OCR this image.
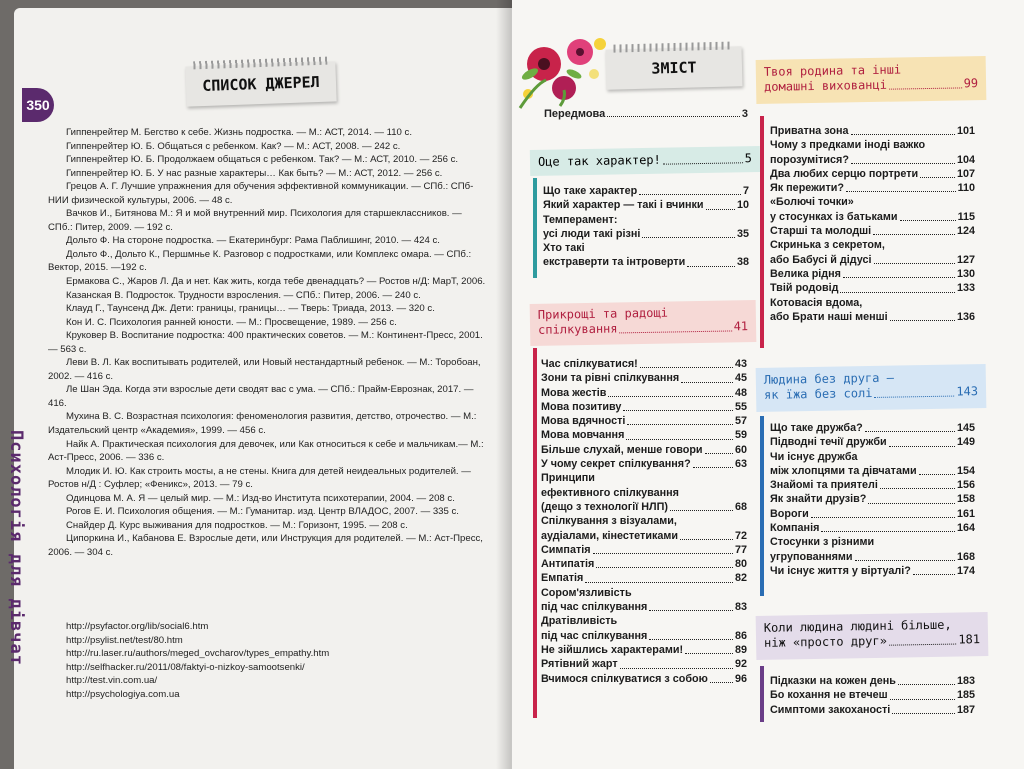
350
Психологія для дівчат
СПИСОК ДЖЕРЕЛ

Гиппенрейтер М. Бегство к себе. Жизнь подростка. — М.: АСТ, 2014. — 110 с.

Гиппенрейтер Ю. Б. Общаться с ребенком. Как? — М.: АСТ, 2008. — 242 с.

Гиппенрейтер Ю. Б. Продолжаем общаться с ребенком. Так? — М.: АСТ, 2010. — 256 с.

Гиппенрейтер Ю. Б. У нас разные характеры… Как быть? — М.: АСТ, 2012. — 256 с.

Грецов А. Г. Лучшие упражнения для обучения эффективной коммуникации. — СПб.: СПб-НИИ физической культуры, 2006. — 48 с.

Вачков И., Битянова М.: Я и мой внутренний мир. Психология для старшеклассников. — СПб.: Питер, 2009. — 192 с.

Дольто Ф. На стороне подростка. — Екатеринбург: Рама Паблишинг, 2010. — 424 с.

Дольто Ф., Дольто К., Першмнье К. Разговор с подростками, или Комплекс омара. — СПб.: Вектор, 2015. —192 с.

Ермакова С., Жаров Л. Да и нет. Как жить, когда тебе двенадцать? — Ростов н/Д: МарТ, 2006.

Казанская В. Подросток. Трудности взросления. — СПб.: Питер, 2006. — 240 с.

Клауд Г., Таунсенд Дж. Дети: границы, границы… — Тверь: Триада, 2013. — 320 с.

Кон И. С. Психология ранней юности. — М.: Просвещение, 1989. — 256 с.

Круковер В. Воспитание подростка: 400 практических советов. — М.: Континент-Пресс, 2001. — 563 с.

Леви В. Л. Как воспитывать родителей, или Новый нестандартный ребенок. — М.: Торобоан, 2002. — 416 с.

Ле Шан Эда. Когда эти взрослые дети сводят вас с ума. — СПб.: Прайм-Еврознак, 2017. — 416.

Мухина В. С. Возрастная психология: феноменология развития, детство, отрочество. — М.: Издательский центр «Академия», 1999. — 456 с.

Найк А. Практическая психология для девочек, или Как относиться к себе и мальчикам.— М.: Аст-Пресс, 2006. — 336 с.

Млодик И. Ю. Как строить мосты, а не стены. Книга для детей неидеальных родителей. — Ростов н/Д : Суфлер; «Феникс», 2013. — 79 с.

Одинцова М. А. Я — целый мир. — М.: Изд-во Института психотерапии, 2004. — 208 с.

Рогов Е. И. Психология общения. — М.: Гуманитар. изд. Центр ВЛАДОС, 2007. — 335 с.

Снайдер Д. Курс выживания для подростков. — М.: Горизонт, 1995. — 208 с.

Ципоркина И., Кабанова Е. Взрослые дети, или Инструкция для родителей. — М.: Аст-Пресс, 2006. — 304 с.

http://psyfactor.org/lib/social6.htm
http://psylist.net/test/80.htm
http://ru.laser.ru/authors/meged_ovcharov/types_empathy.htm
http://selfhacker.ru/2011/08/faktyi-o-nizkoy-samootsenki/
http://test.vin.com.ua/
http://psychologiya.com.ua
ЗМІСТ
Передмова	3
Оце так характер!	5
Що таке характер	7
Який характер — такі і вчинки	10
Темперамент:
усі люди такі різні	35
Хто такі
екстраверти та інтроверти	38
Прикрощі та радощі
спілкування	41
Час спілкуватися!	43
Зони та рівні спілкування	45
Мова жестів	48
Мова позитиву	55
Мова вдячності	57
Мова мовчання	59
Більше слухай, менше говори	60
У чому секрет спілкування?	63
Принципи
ефективного спілкування
(дещо з технології НЛП)	68
Спілкування з візуалами,
аудіалами, кінестетиками	72
Симпатія	77
Антипатія	80
Емпатія	82
Сором'язливість
під час спілкування	83
Дратівливість
під час спілкування	86
Не зійшлись характерами!	89
Рятівний жарт	92
Вчимося спілкуватися з собою	96
Твоя родина та інші
домашні вихованці	99
Приватна зона	101
Чому з предками іноді важко
порозумітися?	104
Два любих серцю портрети	107
Як пережити?	110
«Болючі точки»
у стосунках із батьками	115
Старші та молодші	124
Скринька з секретом,
або Бабусі й дідусі	127
Велика рідня	130
Твій родовід	133
Котовасія вдома,
або Брати наші менші	136
Людина без друга —
як їжа без солі	143
Що таке дружба?	145
Підводні течії дружби	149
Чи існує дружба
між хлопцями та дівчатами	154
Знайомі та приятелі	156
Як знайти друзів?	158
Вороги	161
Компанія	164
Стосунки з різними
угрупованнями	168
Чи існує життя у віртуалі?	174
Коли людина людині більше,
ніж «просто друг»	181
Підказки на кожен день	183
Бо кохання не втечеш	185
Симптоми закоханості	187
